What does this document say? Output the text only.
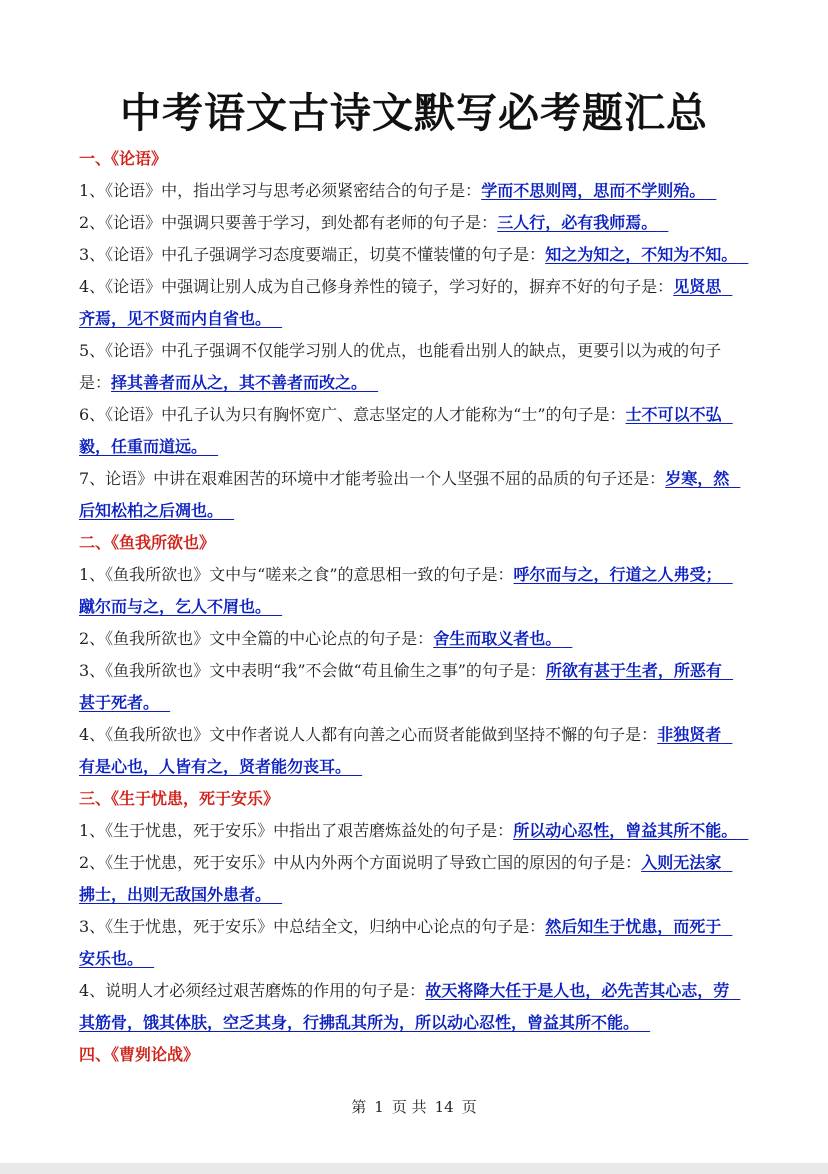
中考语文古诗文默写必考题汇总
一、《论语》
1、《论语》中，指出学习与思考必须紧密结合的句子是：学而不思则罔，思而不学则殆。
2、《论语》中强调只要善于学习，到处都有老师的句子是：三人行，必有我师焉。
3、《论语》中孔子强调学习态度要端正，切莫不懂装懂的句子是：知之为知之，不知为不知。
4、《论语》中强调让别人成为自己修身养性的镜子，学习好的，摒弃不好的句子是：见贤思
齐焉，见不贤而内自省也。
5、《论语》中孔子强调不仅能学习别人的优点，也能看出别人的缺点，更要引以为戒的句子
是：择其善者而从之，其不善者而改之。
6、《论语》中孔子认为只有胸怀宽广、意志坚定的人才能称为“士”的句子是：士不可以不弘
毅，任重而道远。
7、论语》中讲在艰难困苦的环境中才能考验出一个人坚强不屈的品质的句子还是：岁寒，然
后知松柏之后凋也。
二、《鱼我所欲也》
1、《鱼我所欲也》文中与“嗟来之食”的意思相一致的句子是：呼尔而与之，行道之人弗受；
蹴尔而与之，乞人不屑也。
2、《鱼我所欲也》文中全篇的中心论点的句子是：舍生而取义者也。
3、《鱼我所欲也》文中表明“我”不会做“苟且偷生之事”的句子是：所欲有甚于生者，所恶有
甚于死者。
4、《鱼我所欲也》文中作者说人人都有向善之心而贤者能做到坚持不懈的句子是：非独贤者
有是心也，人皆有之，贤者能勿丧耳。
三、《生于忧患，死于安乐》
1、《生于忧患，死于安乐》中指出了艰苦磨炼益处的句子是：所以动心忍性，曾益其所不能。
2、《生于忧患，死于安乐》中从内外两个方面说明了导致亡国的原因的句子是：入则无法家
拂士，出则无敌国外患者。
3、《生于忧患，死于安乐》中总结全文，归纳中心论点的句子是：然后知生于忧患，而死于
安乐也。
4、说明人才必须经过艰苦磨炼的作用的句子是：故天将降大任于是人也，必先苦其心志，劳
其筋骨，饿其体肤，空乏其身，行拂乱其所为，所以动心忍性，曾益其所不能。
四、《曹刿论战》
第 1 页 共 14 页
